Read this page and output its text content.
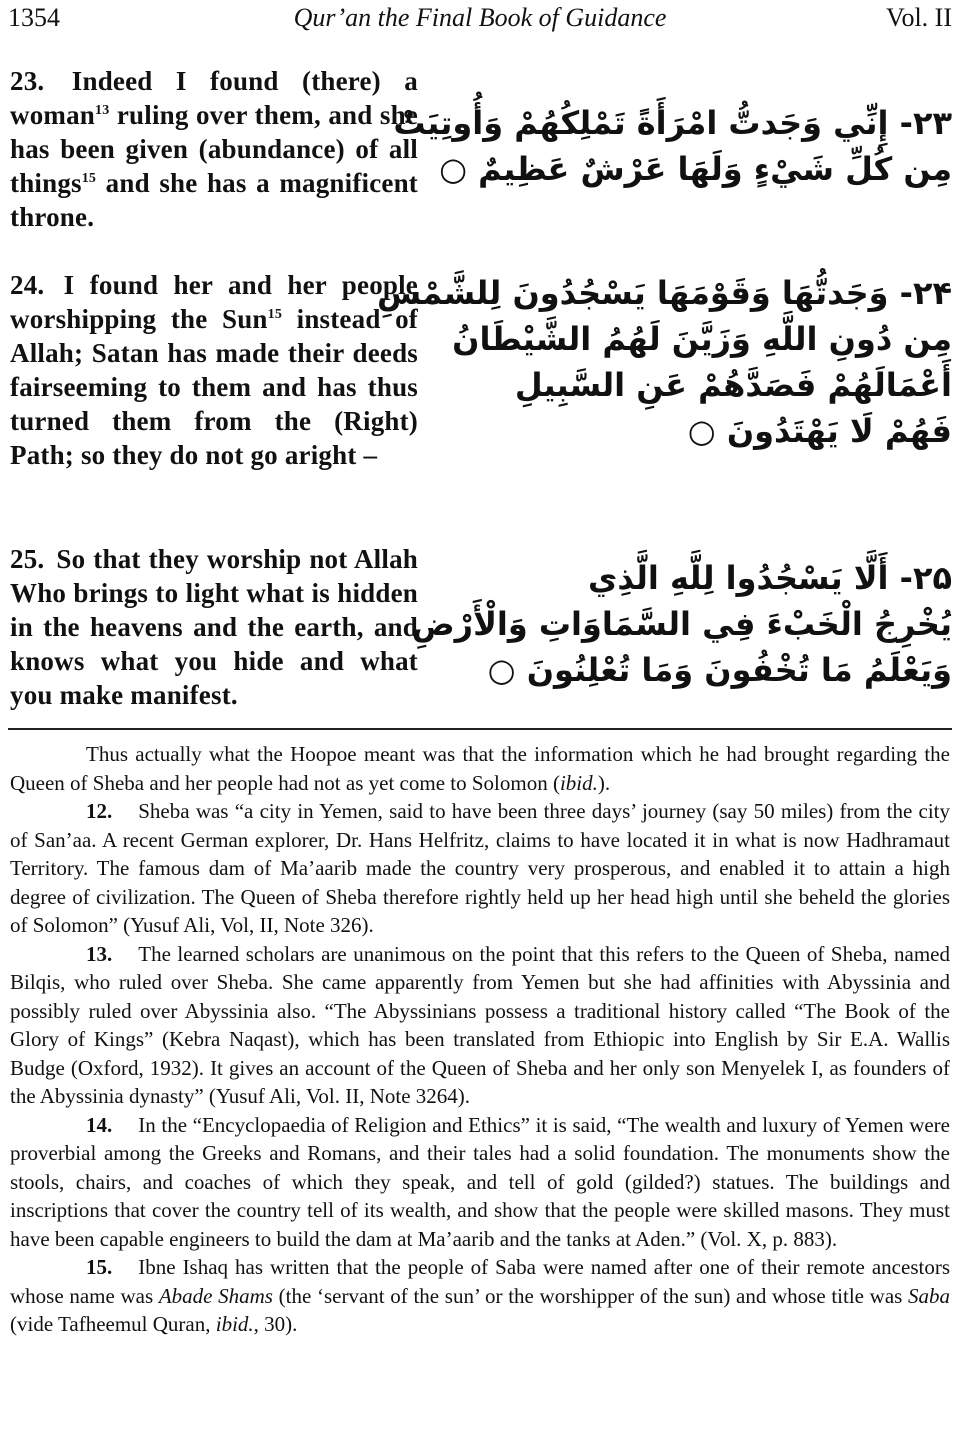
1354	Qur’an the Final Book of Guidance	Vol. II
23. Indeed I found (there) a woman$^{13}$ ruling over them, and she has been given (abundance) of all things$^{15}$ and she has a magnificent throne.
۲۳- إِنِّي وَجَدتُّ امْرَأَةً تَمْلِكُهُمْ وَأُوتِيَتْ
مِن كُلِّ شَيْءٍ وَلَهَا عَرْشٌ عَظِيمٌ ○
24. I found her and her people worshipping the Sun$^{15}$ instead of Allah; Satan has made their deeds fairseeming to them and has thus turned them from the (Right) Path; so they do not go aright –
۲۴- وَجَدتُّهَا وَقَوْمَهَا يَسْجُدُونَ لِلشَّمْسِ
مِن دُونِ اللَّهِ وَزَيَّنَ لَهُمُ الشَّيْطَانُ
أَعْمَالَهُمْ فَصَدَّهُمْ عَنِ السَّبِيلِ
فَهُمْ لَا يَهْتَدُونَ ○
25. So that they worship not Allah Who brings to light what is hidden in the heavens and the earth, and knows what you hide and what you make manifest.
۲۵- أَلَّا يَسْجُدُوا لِلَّهِ الَّذِي
يُخْرِجُ الْخَبْءَ فِي السَّمَاوَاتِ وَالْأَرْضِ
وَيَعْلَمُ مَا تُخْفُونَ وَمَا تُعْلِنُونَ ○

Thus actually what the Hoopoe meant was that the information which he had brought regarding the Queen of Sheba and her people had not as yet come to Solomon (ibid.).

12. Sheba was “a city in Yemen, said to have been three days’ journey (say 50 miles) from the city of San’aa. A recent German explorer, Dr. Hans Helfritz, claims to have located it in what is now Hadhramaut Territory. The famous dam of Ma’aarib made the country very prosperous, and enabled it to attain a high degree of civilization. The Queen of Sheba therefore rightly held up her head high until she beheld the glories of Solomon” (Yusuf Ali, Vol, II, Note 326).

13. The learned scholars are unanimous on the point that this refers to the Queen of Sheba, named Bilqis, who ruled over Sheba. She came apparently from Yemen but she had affinities with Abyssinia and possibly ruled over Abyssinia also. “The Abyssinians possess a traditional history called “The Book of the Glory of Kings” (Kebra Naqast), which has been translated from Ethiopic into English by Sir E.A. Wallis Budge (Oxford, 1932). It gives an account of the Queen of Sheba and her only son Menyelek I, as founders of the Abyssinia dynasty” (Yusuf Ali, Vol. II, Note 3264).

14. In the “Encyclopaedia of Religion and Ethics” it is said, “The wealth and luxury of Yemen were proverbial among the Greeks and Romans, and their tales had a solid foundation. The monuments show the stools, chairs, and coaches of which they speak, and tell of gold (gilded?) statues. The buildings and inscriptions that cover the country tell of its wealth, and show that the people were skilled masons. They must have been capable engineers to build the dam at Ma’aarib and the tanks at Aden.” (Vol. X, p. 883).

15. Ibne Ishaq has written that the people of Saba were named after one of their remote ancestors whose name was Abade Shams (the ‘servant of the sun’ or the worshipper of the sun) and whose title was Saba (vide Tafheemul Quran, ibid., 30).
